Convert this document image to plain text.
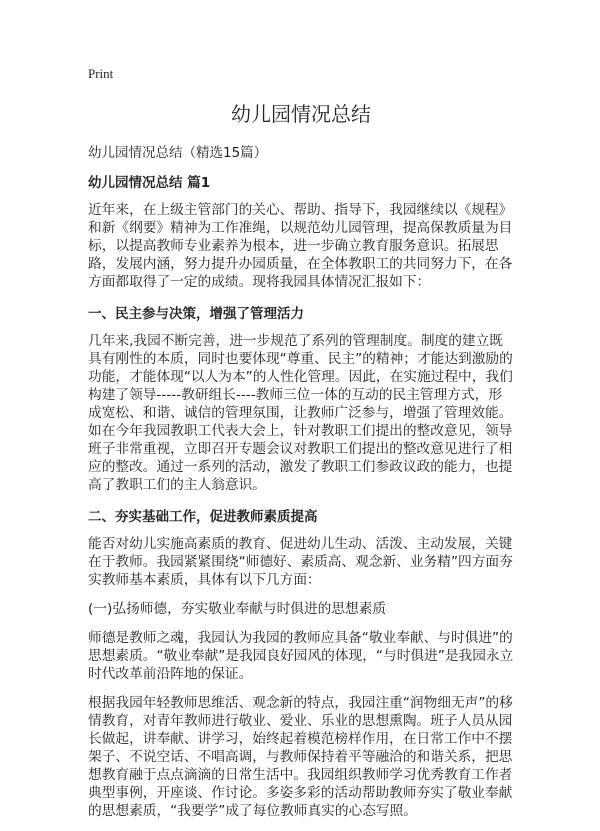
Print
幼儿园情况总结
幼儿园情况总结（精选15篇）
幼儿园情况总结 篇1

近年来，在上级主管部门的关心、帮助、指导下，我园继续以《规程》和新《纲要》精神为工作准绳，以规范幼儿园管理，提高保教质量为目标，以提高教师专业素养为根本，进一步确立教育服务意识。拓展思路，发展内涵，努力提升办园质量，在全体教职工的共同努力下，在各方面都取得了一定的成绩。现将我园具体情况汇报如下：

一、民主参与决策，增强了管理活力

几年来,我园不断完善，进一步规范了系列的管理制度。制度的建立既具有刚性的本质，同时也要体现“尊重、民主”的精神；才能达到激励的功能，才能体现“以人为本”的人性化管理。因此，在实施过程中，我们构建了领导-----教研组长----教师三位一体的互动的民主管理方式，形成宽松、和谐、诚信的管理氛围，让教师广泛参与，增强了管理效能。如在今年我园教职工代表大会上，针对教职工们提出的整改意见，领导班子非常重视，立即召开专题会议对教职工们提出的整改意见进行了相应的整改。通过一系列的活动，激发了教职工们参政议政的能力，也提高了教职工们的主人翁意识。

二、夯实基础工作，促进教师素质提高

能否对幼儿实施高素质的教育、促进幼儿生动、活泼、主动发展，关键在于教师。我园紧紧围绕“师德好、素质高、观念新、业务精”四方面夯实教师基本素质，具体有以下几方面：

(一)弘扬师德，夯实敬业奉献与时俱进的思想素质

师德是教师之魂，我园认为我园的教师应具备“敬业奉献、与时俱进”的思想素质。“敬业奉献”是我园良好园风的体现，“与时俱进”是我园永立时代改革前沿阵地的保证。

根据我园年轻教师思维活、观念新的特点，我园注重“润物细无声”的移情教育，对青年教师进行敬业、爱业、乐业的思想熏陶。班子人员从园长做起，讲奉献、讲学习，始终起着模范榜样作用，在日常工作中不摆架子、不说空话、不唱高调，与教师保持着平等融洽的和谐关系，把思想教育融于点点滴滴的日常生活中。我园组织教师学习优秀教育工作者典型事例，开座谈、作讨论。多姿多彩的活动帮助教师夯实了敬业奉献的思想素质，“我要学”成了每位教师真实的心态写照。
